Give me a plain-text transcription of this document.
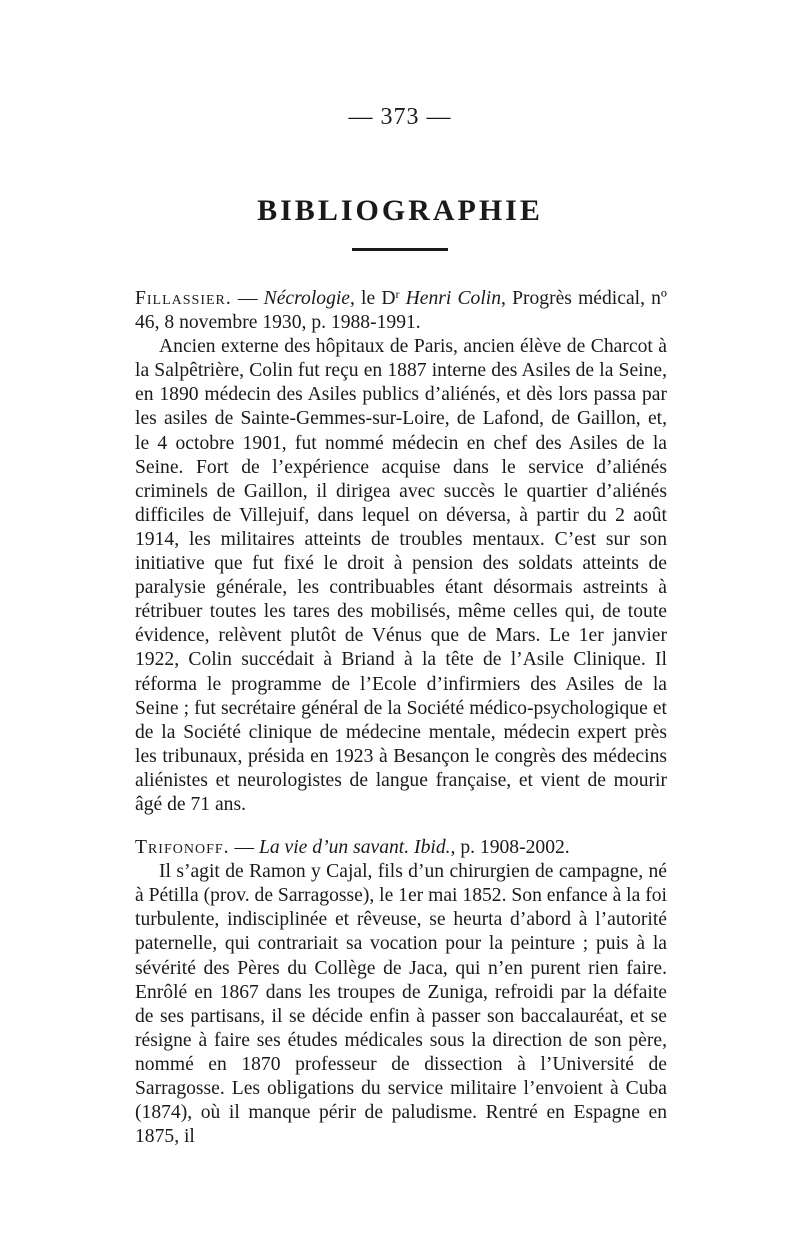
— 373 —
BIBLIOGRAPHIE

Fillassier. — Nécrologie, le $D^r$ Henri Colin, Progrès médical, nº 46, 8 novembre 1930, p. 1988-1991.

Ancien externe des hôpitaux de Paris, ancien élève de Charcot à la Salpêtrière, Colin fut reçu en 1887 interne des Asiles de la Seine, en 1890 médecin des Asiles publics d’aliénés, et dès lors passa par les asiles de Sainte-Gemmes-sur-Loire, de Lafond, de Gaillon, et, le 4 octobre 1901, fut nommé médecin en chef des Asiles de la Seine. Fort de l’expérience acquise dans le service d’aliénés criminels de Gaillon, il dirigea avec succès le quartier d’aliénés difficiles de Villejuif, dans lequel on déversa, à partir du 2 août 1914, les militaires atteints de troubles mentaux. C’est sur son initiative que fut fixé le droit à pension des soldats atteints de paralysie générale, les contribuables étant désormais astreints à rétribuer toutes les tares des mobilisés, même celles qui, de toute évidence, relèvent plutôt de Vénus que de Mars. Le 1er janvier 1922, Colin succédait à Briand à la tête de l’Asile Clinique. Il réforma le programme de l’Ecole d’infirmiers des Asiles de la Seine ; fut secrétaire général de la Société médico-psychologique et de la Société clinique de médecine mentale, médecin expert près les tribunaux, présida en 1923 à Besançon le congrès des médecins aliénistes et neurologistes de langue française, et vient de mourir âgé de 71 ans.

Trifonoff. — La vie d’un savant. Ibid., p. 1908-2002.

Il s’agit de Ramon y Cajal, fils d’un chirurgien de campagne, né à Pétilla (prov. de Sarragosse), le 1er mai 1852. Son enfance à la foi turbulente, indisciplinée et rêveuse, se heurta d’abord à l’autorité paternelle, qui contrariait sa vocation pour la peinture ; puis à la sévérité des Pères du Collège de Jaca, qui n’en purent rien faire. Enrôlé en 1867 dans les troupes de Zuniga, refroidi par la défaite de ses partisans, il se décide enfin à passer son baccalauréat, et se résigne à faire ses études médicales sous la direction de son père, nommé en 1870 professeur de dissection à l’Université de Sarragosse. Les obligations du service militaire l’envoient à Cuba (1874), où il manque périr de paludisme. Rentré en Espagne en 1875, il
